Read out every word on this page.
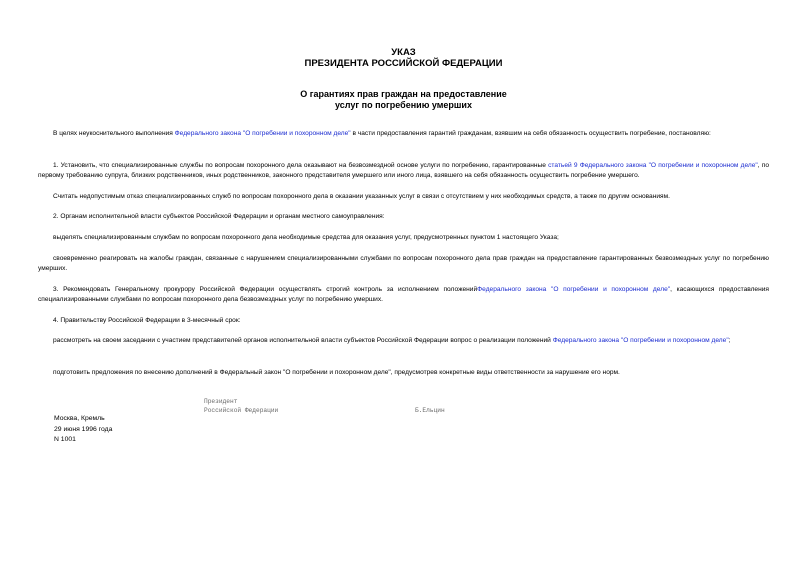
УКАЗ
ПРЕЗИДЕНТА РОССИЙСКОЙ ФЕДЕРАЦИИ
О гарантиях прав граждан на предоставление
услуг по погребению умерших

В целях неукоснительного выполнения Федерального закона "О погребении и похоронном деле" в части предоставления гарантий гражданам, взявшим на себя обязанность осуществить погребение, постановляю:

1. Установить, что специализированные службы по вопросам похоронного дела оказывают на безвозмездной основе услуги по погребению, гарантированные статьей 9 Федерального закона "О погребении и похоронном деле", по первому требованию супруга, близких родственников, иных родственников, законного представителя умершего или иного лица, взявшего на себя обязанность осуществить погребение умершего.

Считать недопустимым отказ специализированных служб по вопросам похоронного дела в оказании указанных услуг в связи с отсутствием у них необходимых средств, а также по другим основаниям.

2. Органам исполнительной власти субъектов Российской Федерации и органам местного самоуправления:

выделять специализированным службам по вопросам похоронного дела необходимые средства для оказания услуг, предусмотренных пунктом 1 настоящего Указа;

своевременно реагировать на жалобы граждан, связанные с нарушением специализированными службами по вопросам похоронного дела прав граждан на предоставление гарантированных безвозмездных услуг по погребению умерших.

3. Рекомендовать Генеральному прокурору Российской Федерации осуществлять строгий контроль за исполнением положенийФедерального закона "О погребении и похоронном деле", касающихся предоставления специализированными службами по вопросам похоронного дела безвозмездных услуг по погребению умерших.

4. Правительству Российской Федерации в 3-месячный срок:

рассмотреть на своем заседании с участием представителей органов исполнительной власти субъектов Российской Федерации вопрос о реализации положений Федерального закона "О погребении и похоронном деле";

подготовить предложения по внесению дополнений в Федеральный закон "О погребении и похоронном деле", предусмотрев конкретные виды ответственности за нарушение его норм.

Президент
Российской Федерации	Б.Ельцин
Москва, Кремль
29 июня 1996 года
N 1001
